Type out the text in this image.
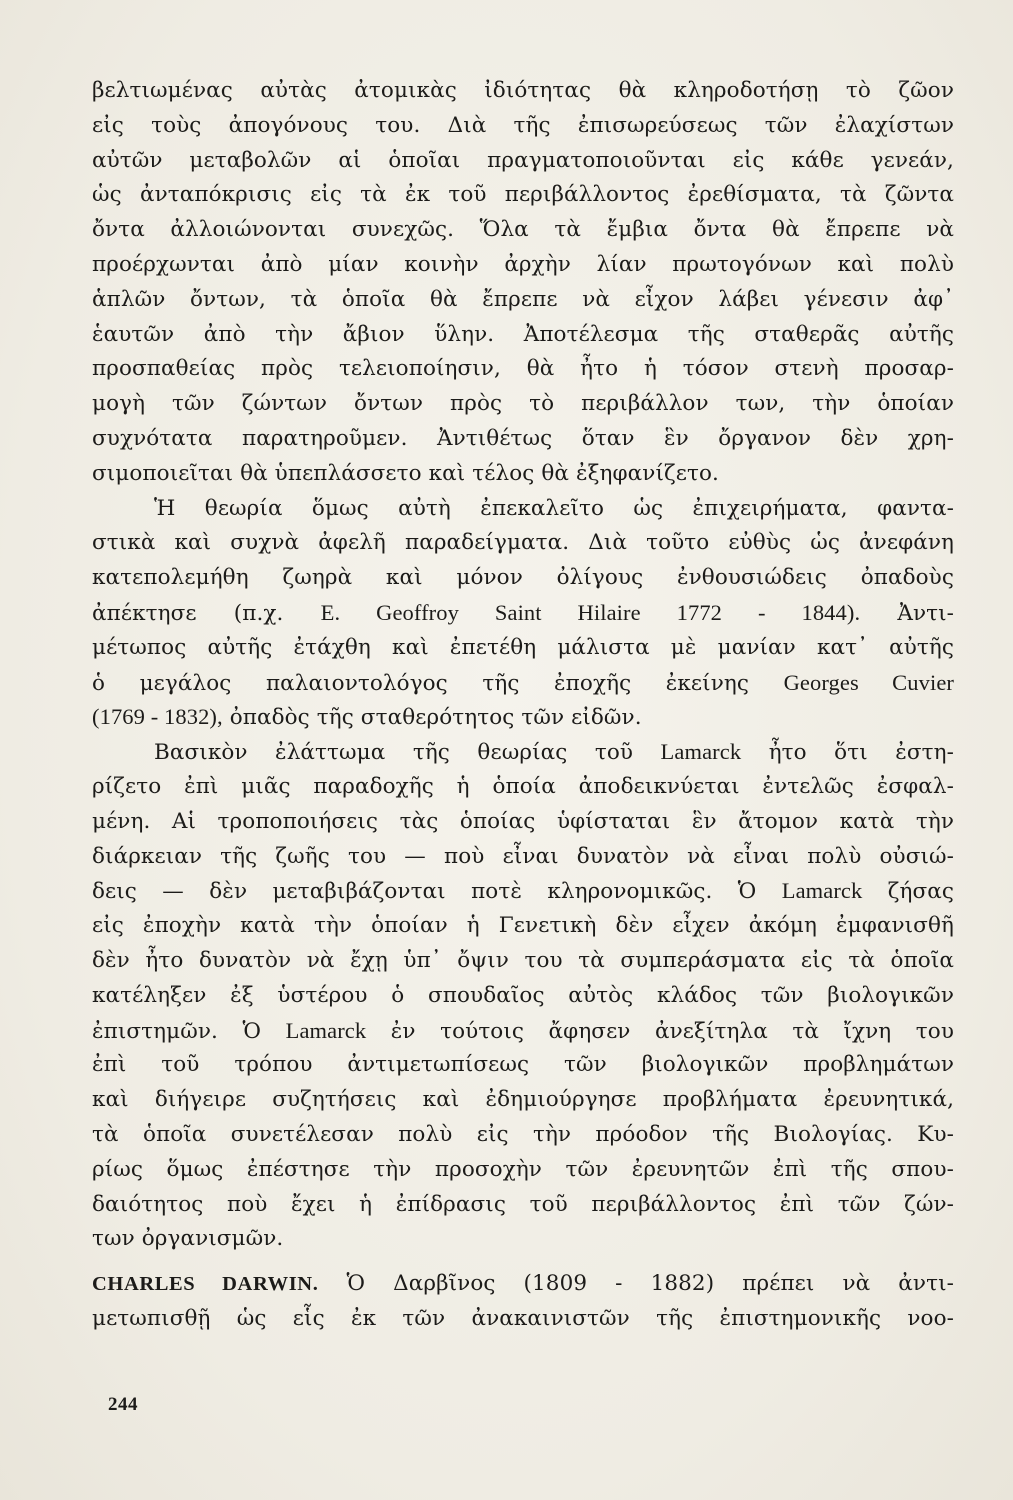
βελτιωμένας αὐτὰς ἀτομικὰς ἰδιότητας θὰ κληροδοτήσῃ τὸ ζῶον
εἰς τοὺς ἀπογόνους του. Διὰ τῆς ἐπισωρεύσεως τῶν ἐλαχίστων
αὐτῶν μεταβολῶν αἱ ὁποῖαι πραγματοποιοῦνται εἰς κάθε γενεάν,
ὡς ἀνταπόκρισις εἰς τὰ ἐκ τοῦ περιβάλλοντος ἐρεθίσματα, τὰ ζῶντα
ὄντα ἀλλοιώνονται συνεχῶς. Ὅλα τὰ ἔμβια ὄντα θὰ ἔπρεπε νὰ
προέρχωνται ἀπὸ μίαν κοινὴν ἀρχὴν λίαν πρωτογόνων καὶ πολὺ
ἁπλῶν ὄντων, τὰ ὁποῖα θὰ ἔπρεπε νὰ εἶχον λάβει γένεσιν ἀφ᾿
ἑαυτῶν ἀπὸ τὴν ἄβιον ὕλην. Ἀποτέλεσμα τῆς σταθερᾶς αὐτῆς
προσπαθείας πρὸς τελειοποίησιν, θὰ ἦτο ἡ τόσον στενὴ προσαρ-
μογὴ τῶν ζώντων ὄντων πρὸς τὸ περιβάλλον των, τὴν ὁποίαν
συχνότατα παρατηροῦμεν. Ἀντιθέτως ὅταν ἓν ὄργανον δὲν χρη-
σιμοποιεῖται θὰ ὑπεπλάσσετο καὶ τέλος θὰ ἐξηφανίζετο.
Ἡ θεωρία ὅμως αὐτὴ ἐπεκαλεῖτο ὡς ἐπιχειρήματα, φαντα-
στικὰ καὶ συχνὰ ἀφελῆ παραδείγματα. Διὰ τοῦτο εὐθὺς ὡς ἀνεφάνη
κατεπολεμήθη ζωηρὰ καὶ μόνον ὀλίγους ἐνθουσιώδεις ὀπαδοὺς
ἀπέκτησε (π.χ. E. Geoffroy Saint Hilaire 1772 - 1844). Ἀντι-
μέτωπος αὐτῆς ἐτάχθη καὶ ἐπετέθη μάλιστα μὲ μανίαν κατ᾿ αὐτῆς
ὁ μεγάλος παλαιοντολόγος τῆς ἐποχῆς ἐκείνης Georges Cuvier
(1769 - 1832), ὀπαδὸς τῆς σταθερότητος τῶν εἰδῶν.
Βασικὸν ἐλάττωμα τῆς θεωρίας τοῦ Lamarck ἦτο ὅτι ἐστη-
ρίζετο ἐπὶ μιᾶς παραδοχῆς ἡ ὁποία ἀποδεικνύεται ἐντελῶς ἐσφαλ-
μένη. Αἱ τροποποιήσεις τὰς ὁποίας ὑφίσταται ἓν ἄτομον κατὰ τὴν
διάρκειαν τῆς ζωῆς του — ποὺ εἶναι δυνατὸν νὰ εἶναι πολὺ οὐσιώ-
δεις — δὲν μεταβιβάζονται ποτὲ κληρονομικῶς. Ὁ Lamarck ζήσας
εἰς ἐποχὴν κατὰ τὴν ὁποίαν ἡ Γενετικὴ δὲν εἶχεν ἀκόμη ἐμφανισθῆ
δὲν ἦτο δυνατὸν νὰ ἔχῃ ὑπ᾿ ὄψιν του τὰ συμπεράσματα εἰς τὰ ὁποῖα
κατέληξεν ἐξ ὑστέρου ὁ σπουδαῖος αὐτὸς κλάδος τῶν βιολογικῶν
ἐπιστημῶν. Ὁ Lamarck ἐν τούτοις ἄφησεν ἀνεξίτηλα τὰ ἴχνη του
ἐπὶ τοῦ τρόπου ἀντιμετωπίσεως τῶν βιολογικῶν προβλημάτων
καὶ διήγειρε συζητήσεις καὶ ἐδημιούργησε προβλήματα ἐρευνητικά,
τὰ ὁποῖα συνετέλεσαν πολὺ εἰς τὴν πρόοδον τῆς Βιολογίας. Κυ-
ρίως ὅμως ἐπέστησε τὴν προσοχὴν τῶν ἐρευνητῶν ἐπὶ τῆς σπου-
δαιότητος ποὺ ἔχει ἡ ἐπίδρασις τοῦ περιβάλλοντος ἐπὶ τῶν ζών-
των ὀργανισμῶν.
CHARLES DARWIN. Ὁ Δαρβῖνος (1809 - 1882) πρέπει νὰ ἀντι-
μετωπισθῇ ὡς εἷς ἐκ τῶν ἀνακαινιστῶν τῆς ἐπιστημονικῆς νοο-
244
